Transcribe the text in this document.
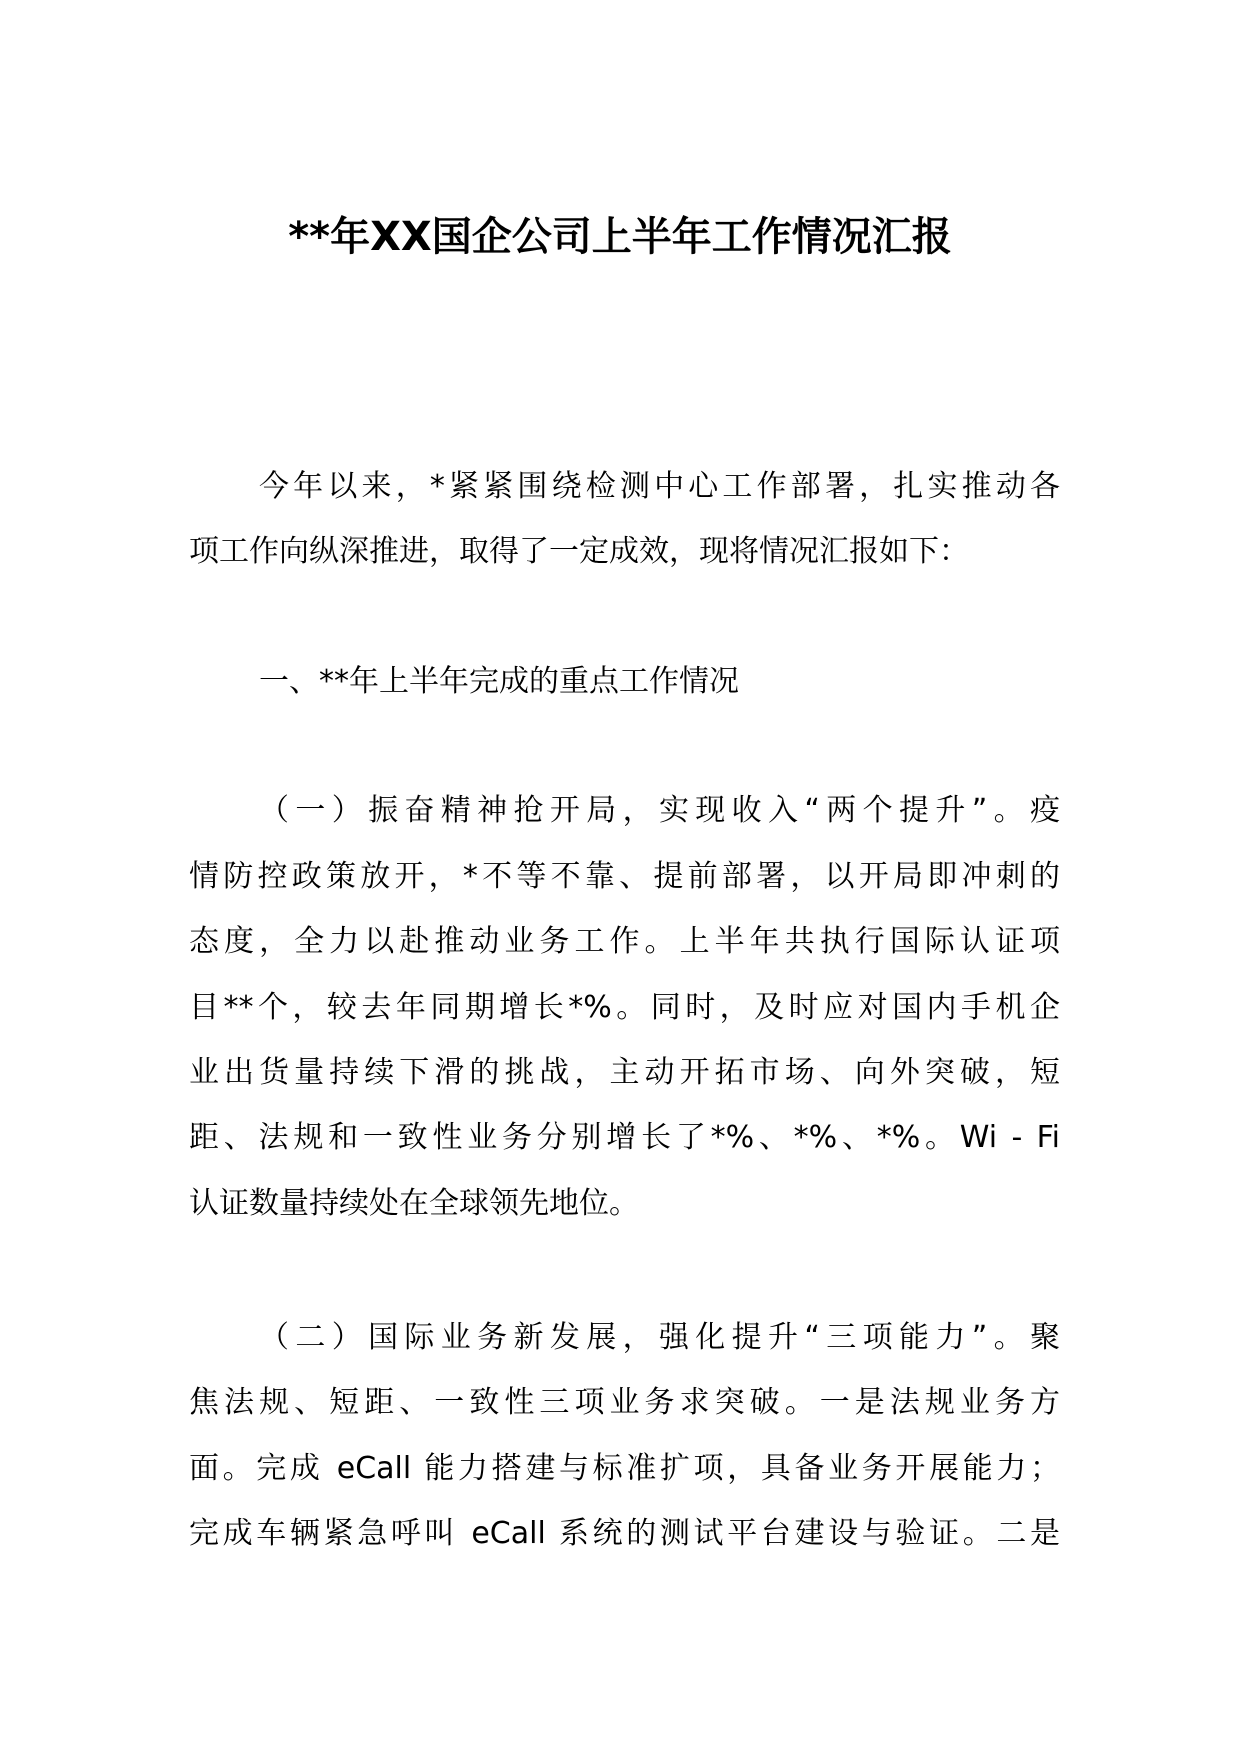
**年XX国企公司上半年工作情况汇报
今年以来，*紧紧围绕检测中心工作部署，扎实推动各
项工作向纵深推进，取得了一定成效，现将情况汇报如下：
一、**年上半年完成的重点工作情况
（一）振奋精神抢开局，实现收入“两个提升”。疫
情防控政策放开，*不等不靠、提前部署，以开局即冲刺的
态度，全力以赴推动业务工作。上半年共执行国际认证项
目**个，较去年同期增长*%。同时，及时应对国内手机企
业出货量持续下滑的挑战，主动开拓市场、向外突破，短
距、法规和一致性业务分别增长了*%、*%、*%。Wi - Fi
认证数量持续处在全球领先地位。
（二）国际业务新发展，强化提升“三项能力”。聚
焦法规、短距、一致性三项业务求突破。一是法规业务方
面。完成 eCall 能力搭建与标准扩项，具备业务开展能力；
完成车辆紧急呼叫 eCall 系统的测试平台建设与验证。二是
